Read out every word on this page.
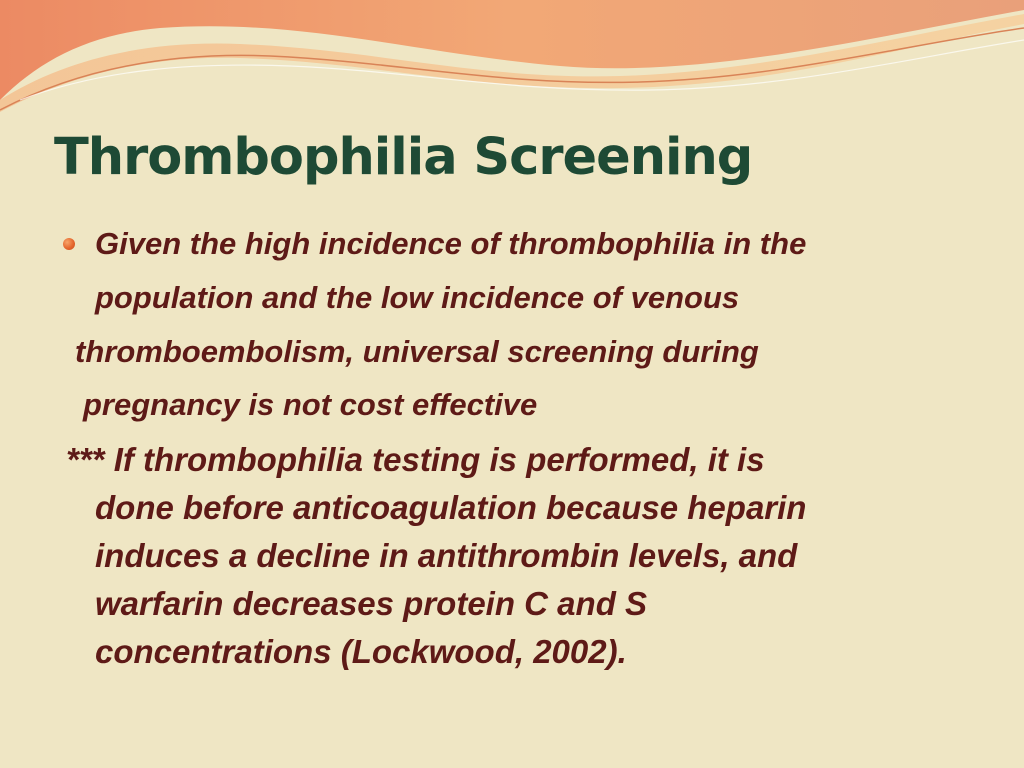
Thrombophilia Screening

Given the high incidence of thrombophilia in the

population and the low incidence of venous

thromboembolism, universal screening during

pregnancy is not cost effective

*** If thrombophilia testing is performed, it is

done before anticoagulation because heparin

induces a decline in antithrombin levels, and

warfarin decreases protein C and S

concentrations (Lockwood, 2002).
